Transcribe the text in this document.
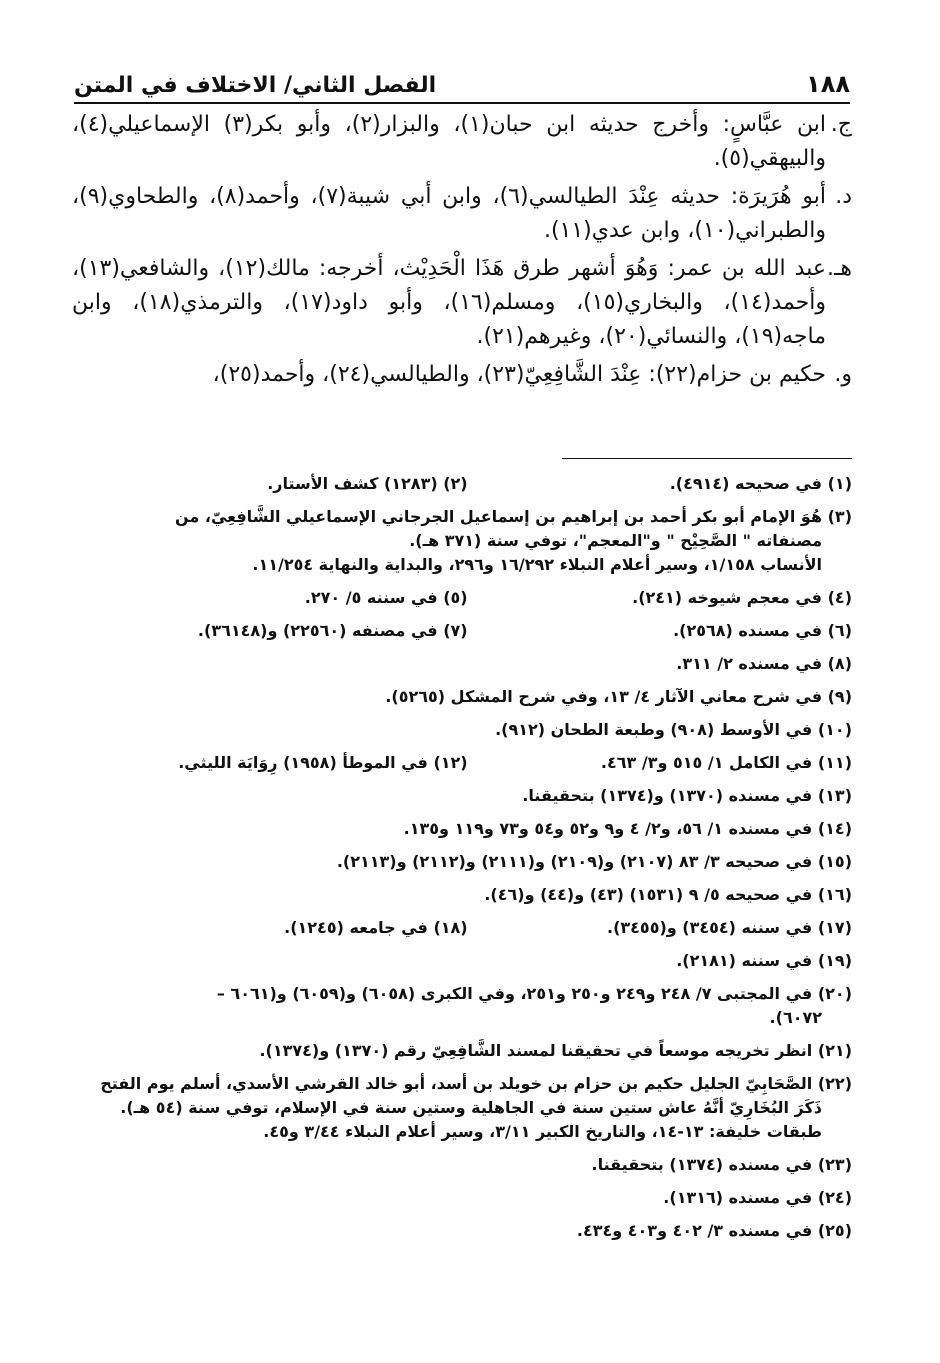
١٨٨
الفصل الثاني/ الاختلاف في المتن
ج.
ابن عبَّاسٍ: وأخرج حديثه ابن حبان(١)، والبزار(٢)، وأبو بكر(٣) الإسماعيلي(٤)، والبيهقي(٥).
د.
أبو هُرَيرَة: حديثه عِنْدَ الطيالسي(٦)، وابن أبي شيبة(٧)، وأحمد(٨)، والطحاوي(٩)، والطبراني(١٠)، وابن عدي(١١).
هـ.
عبد الله بن عمر: وَهُوَ أشهر طرق هَذَا الْحَدِيْث، أخرجه: مالك(١٢)، والشافعي(١٣)، وأحمد(١٤)، والبخاري(١٥)، ومسلم(١٦)، وأبو داود(١٧)، والترمذي(١٨)، وابن ماجه(١٩)، والنسائي(٢٠)، وغيرهم(٢١).
و.
حكيم بن حزام(٢٢): عِنْدَ الشَّافِعِيّ(٢٣)، والطيالسي(٢٤)، وأحمد(٢٥)،
(١) في صحيحه (٤٩١٤).
(٢) (١٢٨٣) كشف الأستار.
(٣) هُوَ الإمام أبو بكر أحمد بن إبراهيم بن إسماعيل الجرجاني الإسماعيلي الشَّافِعِيّ، من
مصنفاته " الصَّحِيْح " و"المعجم"، توفي سنة (٣٧١ هـ).
الأنساب ١/١٥٨، وسير أعلام النبلاء ١٦/٢٩٢ و٢٩٦، والبداية والنهاية ١١/٢٥٤.
(٤) في معجم شيوخه (٢٤١).
(٥) في سننه ٥/ ٢٧٠.
(٦) في مسنده (٢٥٦٨).
(٧) في مصنفه (٢٢٥٦٠) و(٣٦١٤٨).
(٨) في مسنده ٢/ ٣١١.
(٩) في شرح معاني الآثار ٤/ ١٣، وفي شرح المشكل (٥٢٦٥).
(١٠) في الأوسط (٩٠٨) وطبعة الطحان (٩١٢).
(١١) في الكامل ١/ ٥١٥ و٣/ ٤٦٣.
(١٢) في الموطأ (١٩٥٨) رِوَايَة الليثي.
(١٣) في مسنده (١٣٧٠) و(١٣٧٤) بتحقيقنا.
(١٤) في مسنده ١/ ٥٦، و٢/ ٤ و٩ و٥٢ و٥٤ و٧٣ و١١٩ و١٣٥.
(١٥) في صحيحه ٣/ ٨٣ (٢١٠٧) و(٢١٠٩) و(٢١١١) و(٢١١٢) و(٢١١٣).
(١٦) في صحيحه ٥/ ٩ (١٥٣١) (٤٣) و(٤٤) و(٤٦).
(١٧) في سننه (٣٤٥٤) و(٣٤٥٥).
(١٨) في جامعه (١٢٤٥).
(١٩) في سننه (٢١٨١).
(٢٠) في المجتبى ٧/ ٢٤٨ و٢٤٩ و٢٥٠ و٢٥١، وفي الكبرى (٦٠٥٨) و(٦٠٥٩) و(٦٠٦١ –
٦٠٧٢).
(٢١) انظر تخريجه موسعاً في تحقيقنا لمسند الشَّافِعِيّ رقم (١٣٧٠) و(١٣٧٤).
(٢٢) الصَّحَابِيّ الجليل حكيم بن حزام بن خويلد بن أسد، أبو خالد القرشي الأسدي، أسلم يوم الفتح
ذَكَرَ البُخَارِيّ أنَّهُ عاش ستين سنة في الجاهلية وستين سنة في الإسلام، توفي سنة (٥٤ هـ).
طبقات خليفة: ١٣-١٤، والتاريخ الكبير ٣/١١، وسير أعلام النبلاء ٣/٤٤ و٤٥.
(٢٣) في مسنده (١٣٧٤) بتحقيقنا.
(٢٤) في مسنده (١٣١٦).
(٢٥) في مسنده ٣/ ٤٠٢ و٤٠٣ و٤٣٤.
